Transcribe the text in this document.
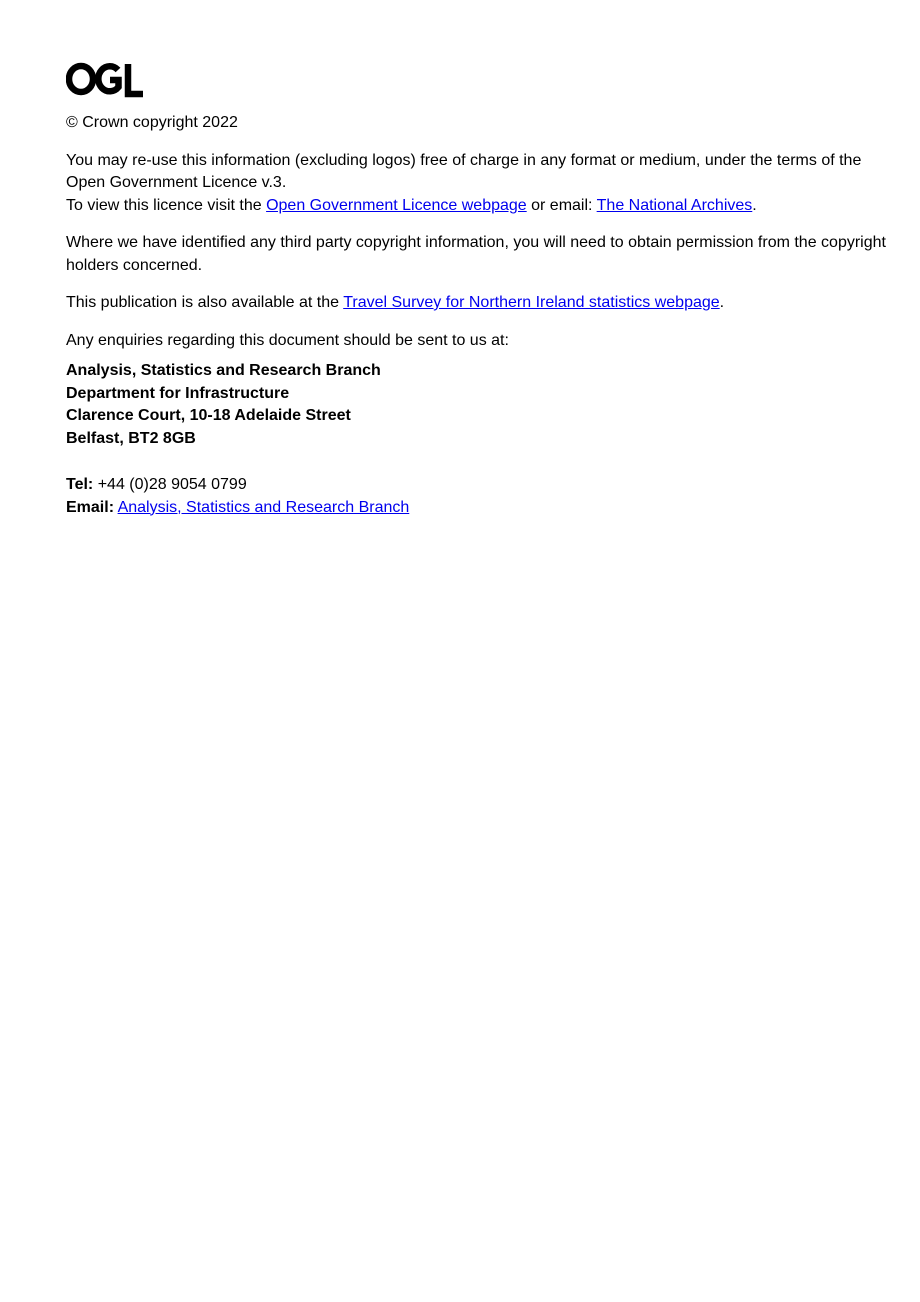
© Crown copyright 2022

You may re-use this information (excluding logos) free of charge in any format or medium, under the terms of the Open Government Licence v.3.
To view this licence visit the Open Government Licence webpage or email: The National Archives.

Where we have identified any third party copyright information, you will need to obtain permission from the copyright holders concerned.

This publication is also available at the Travel Survey for Northern Ireland statistics webpage.

Any enquiries regarding this document should be sent to us at:

Analysis, Statistics and Research Branch
Department for Infrastructure
Clarence Court, 10-18 Adelaide Street
Belfast, BT2 8GB
Tel: +44 (0)28 9054 0799
Email: Analysis, Statistics and Research Branch
